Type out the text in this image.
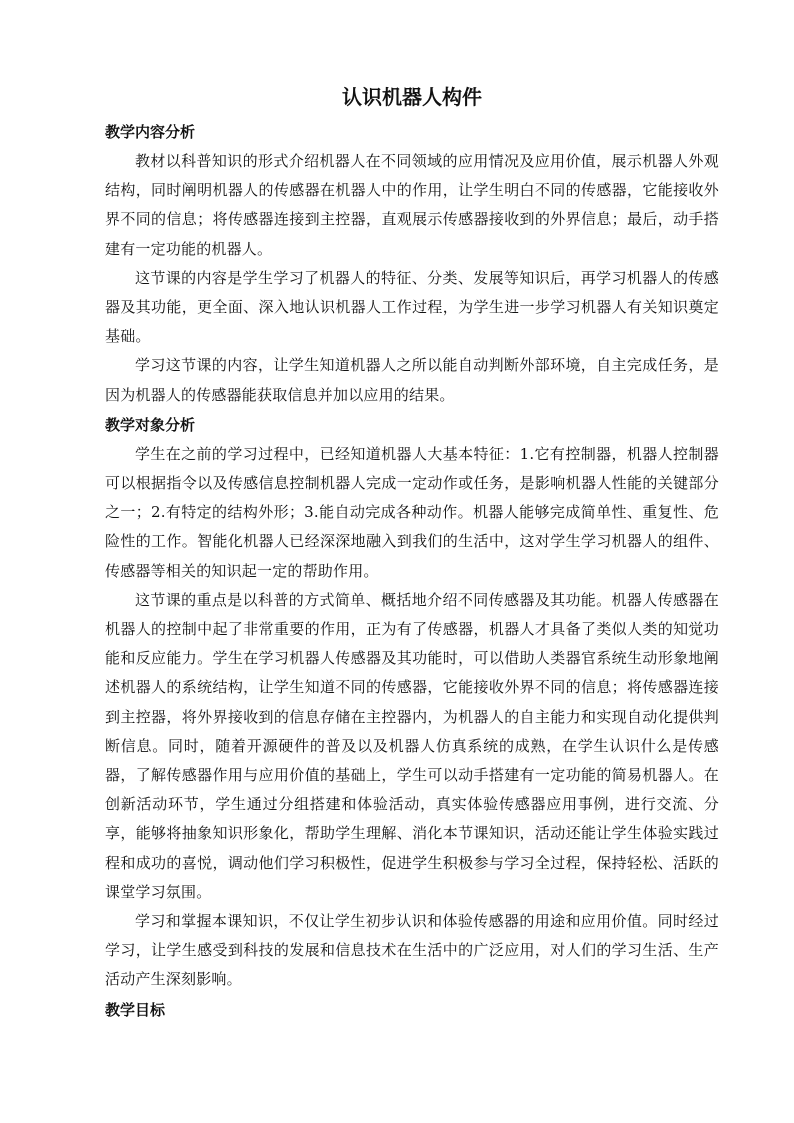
认识机器人构件
教学内容分析

教材以科普知识的形式介绍机器人在不同领域的应用情况及应用价值，展示机器人外观结构，同时阐明机器人的传感器在机器人中的作用，让学生明白不同的传感器，它能接收外界不同的信息；将传感器连接到主控器，直观展示传感器接收到的外界信息；最后，动手搭建有一定功能的机器人。

这节课的内容是学生学习了机器人的特征、分类、发展等知识后，再学习机器人的传感器及其功能，更全面、深入地认识机器人工作过程，为学生进一步学习机器人有关知识奠定基础。

学习这节课的内容，让学生知道机器人之所以能自动判断外部环境，自主完成任务，是因为机器人的传感器能获取信息并加以应用的结果。

教学对象分析

学生在之前的学习过程中，已经知道机器人大基本特征：1.它有控制器，机器人控制器可以根据指令以及传感信息控制机器人完成一定动作或任务，是影响机器人性能的关键部分之一；2.有特定的结构外形；3.能自动完成各种动作。机器人能够完成简单性、重复性、危险性的工作。智能化机器人已经深深地融入到我们的生活中，这对学生学习机器人的组件、传感器等相关的知识起一定的帮助作用。

这节课的重点是以科普的方式简单、概括地介绍不同传感器及其功能。机器人传感器在机器人的控制中起了非常重要的作用，正为有了传感器，机器人才具备了类似人类的知觉功能和反应能力。学生在学习机器人传感器及其功能时，可以借助人类器官系统生动形象地阐述机器人的系统结构，让学生知道不同的传感器，它能接收外界不同的信息；将传感器连接到主控器，将外界接收到的信息存储在主控器内，为机器人的自主能力和实现自动化提供判断信息。同时，随着开源硬件的普及以及机器人仿真系统的成熟，在学生认识什么是传感器，了解传感器作用与应用价值的基础上，学生可以动手搭建有一定功能的简易机器人。在创新活动环节，学生通过分组搭建和体验活动，真实体验传感器应用事例，进行交流、分享，能够将抽象知识形象化，帮助学生理解、消化本节课知识，活动还能让学生体验实践过程和成功的喜悦，调动他们学习积极性，促进学生积极参与学习全过程，保持轻松、活跃的课堂学习氛围。

学习和掌握本课知识，不仅让学生初步认识和体验传感器的用途和应用价值。同时经过学习，让学生感受到科技的发展和信息技术在生活中的广泛应用，对人们的学习生活、生产活动产生深刻影响。

教学目标
